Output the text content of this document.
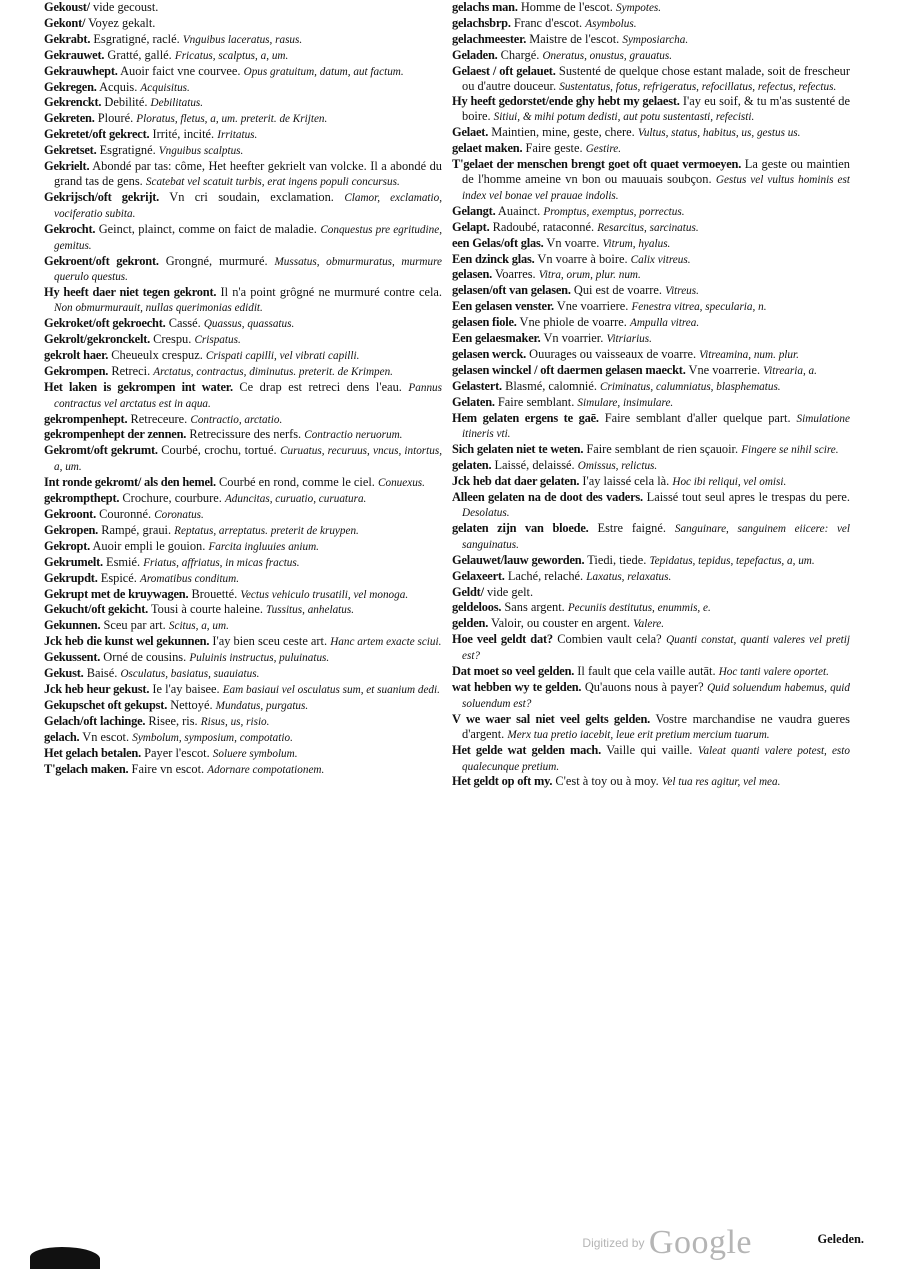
Gekoust/ vide gecoust.

Gekont/ Voyez gekalt.

Gekrabt. Esgratigné, raclé. Vnguibus laceratus, rasus.

Gekrauwet. Gratté, gallé. Fricatus, scalptus, a, um.

Gekrauwhept. Auoir faict vne courvee. Opus gratuitum, datum, aut factum.

Gekregen. Acquis. Acquisitus.

Gekrenckt. Debilité. Debilitatus.

Gekreten. Plouré. Ploratus, fletus, a, um. preterit. de Krijten.

Gekretet/oft gekrect. Irrité, incité. Irritatus.

Gekretset. Esgratigné. Vnguibus scalptus.

Gekrielt. Abondé par tas: côme, Het heefter gekrielt van volcke. Il a abondé du grand tas de gens. Scatebat vel scatuit turbis, erat ingens populi concursus.

Gekrijsch/oft gekrijt. Vn cri soudain, exclamation. Clamor, exclamatio, vociferatio subita.

Gekrocht. Geinct, plainct, comme on faict de maladie. Conquestus pre egritudine, gemitus.

Gekroent/oft gekront. Grongné, murmuré. Mussatus, obmurmuratus, murmure querulo questus.

Hy heeft daer niet tegen gekront. Il n'a point grôgné ne murmuré contre cela. Non obmurmurauit, nullas querimonias edidit.

Gekroket/oft gekroecht. Cassé. Quassus, quassatus.

Gekrolt/gekronckelt. Crespu. Crispatus.

gekrolt haer. Cheueulx crespuz. Crispati capilli, vel vibrati capilli.

Gekrompen. Retreci. Arctatus, contractus, diminutus. preterit. de Krimpen.

Het laken is gekrompen int water. Ce drap est retreci dens l'eau. Pannus contractus vel arctatus est in aqua.

gekrompenhept. Retreceure. Contractio, arctatio.

gekrompenhept der zennen. Retrecissure des nerfs. Contractio neruorum.

Gekromt/oft gekrumt. Courbé, crochu, tortué. Curuatus, recuruus, vncus, intortus, a, um.

Int ronde gekromt/ als den hemel. Courbé en rond, comme le ciel. Conuexus.

gekrompthept. Crochure, courbure. Aduncitas, curuatio, curuatura.

Gekroont. Couronné. Coronatus.

Gekropen. Rampé, graui. Reptatus, arreptatus. preterit de kruypen.

Gekropt. Auoir empli le gouion. Farcita ingluuies anium.

Gekrumelt. Esmié. Friatus, affriatus, in micas fractus.

Gekrupdt. Espicé. Aromatibus conditum.

Gekrupt met de kruywagen. Brouetté. Vectus vehiculo trusatili, vel monoga.

Gekucht/oft gekicht. Tousi à courte haleine. Tussitus, anhelatus.

Gekunnen. Sceu par art. Scitus, a, um.

Jck heb die kunst wel gekunnen. I'ay bien sceu ceste art. Hanc artem exacte sciui.

Gekussent. Orné de cousins. Puluinis instructus, puluinatus.

Gekust. Baisé. Osculatus, basiatus, suauiatus.

Jck heb heur gekust. Ie l'ay baisee. Eam basiaui vel osculatus sum, et suanium dedi.

Gekupschet oft gekupst. Nettoyé. Mundatus, purgatus.

Gelach/oft lachinge. Risee, ris. Risus, us, risio.

gelach. Vn escot. Symbolum, symposium, compotatio.

Het gelach betalen. Payer l'escot. Soluere symbolum.

T'gelach maken. Faire vn escot. Adornare compotationem.

gelachs man. Homme de l'escot. Sympotes.

gelachsbrp. Franc d'escot. Asymbolus.

gelachmeester. Maistre de l'escot. Symposiarcha.

Geladen. Chargé. Oneratus, onustus, grauatus.

Gelaest / oft gelauet. Sustenté de quelque chose estant malade, soit de frescheur ou d'autre douceur. Sustentatus, fotus, refrigeratus, refocillatus, refectus, refectus.

Hy heeft gedorstet/ende ghy hebt my gelaest. I'ay eu soif, & tu m'as sustenté de boire. Sitiui, & mihi potum dedisti, aut potu sustentasti, refecisti.

Gelaet. Maintien, mine, geste, chere. Vultus, status, habitus, us, gestus us.

gelaet maken. Faire geste. Gestire.

T'gelaet der menschen brengt goet oft quaet vermoeyen. La geste ou maintien de l'homme ameine vn bon ou mauuais soubçon. Gestus vel vultus hominis est index vel bonae vel prauae indolis.

Gelangt. Auainct. Promptus, exemptus, porrectus.

Gelapt. Radoubé, rataconné. Resarcitus, sarcinatus.

een Gelas/oft glas. Vn voarre. Vitrum, hyalus.

Een dzinck glas. Vn voarre à boire. Calix vitreus.

gelasen. Voarres. Vitra, orum, plur. num.

gelasen/oft van gelasen. Qui est de voarre. Vitreus.

Een gelasen venster. Vne voarriere. Fenestra vitrea, specularia, n.

gelasen fiole. Vne phiole de voarre. Ampulla vitrea.

Een gelaesmaker. Vn voarrier. Vitriarius.

gelasen werck. Ouurages ou vaisseaux de voarre. Vitreamina, num. plur.

gelasen winckel / oft daermen gelasen maeckt. Vne voarrerie. Vitrearia, a.

Gelastert. Blasmé, calomnié. Criminatus, calumniatus, blasphematus.

Gelaten. Faire semblant. Simulare, insimulare.

Hem gelaten ergens te gaē. Faire semblant d'aller quelque part. Simulatione itineris vti.

Sich gelaten niet te weten. Faire semblant de rien sçauoir. Fingere se nihil scire.

gelaten. Laissé, delaissé. Omissus, relictus.

Jck heb dat daer gelaten. I'ay laissé cela là. Hoc ibi reliqui, vel omisi.

Alleen gelaten na de doot des vaders. Laissé tout seul apres le trespas du pere. Desolatus.

gelaten zijn van bloede. Estre faigné. Sanguinare, sanguinem eiicere: vel sanguinatus.

Gelauwet/lauw geworden. Tiedi, tiede. Tepidatus, tepidus, tepefactus, a, um.

Gelaxeert. Laché, relaché. Laxatus, relaxatus.

Geldt/ vide gelt.

geldeloos. Sans argent. Pecuniis destitutus, enummis, e.

gelden. Valoir, ou couster en argent. Valere.

Hoe veel geldt dat? Combien vault cela? Quanti constat, quanti valeres vel pretij est?

Dat moet so veel gelden. Il fault que cela vaille autāt. Hoc tanti valere oportet.

wat hebben wy te gelden. Qu'auons nous à payer? Quid soluendum habemus, quid soluendum est?

V we waer sal niet veel gelts gelden. Vostre marchandise ne vaudra gueres d'argent. Merx tua pretio iacebit, leue erit pretium mercium tuarum.

Het gelde wat gelden mach. Vaille qui vaille. Valeat quanti valere potest, esto qualecunque pretium.

Het geldt op oft my. C'est à toy ou à moy. Vel tua res agitur, vel mea.

Geleden.
Digitized by Google
